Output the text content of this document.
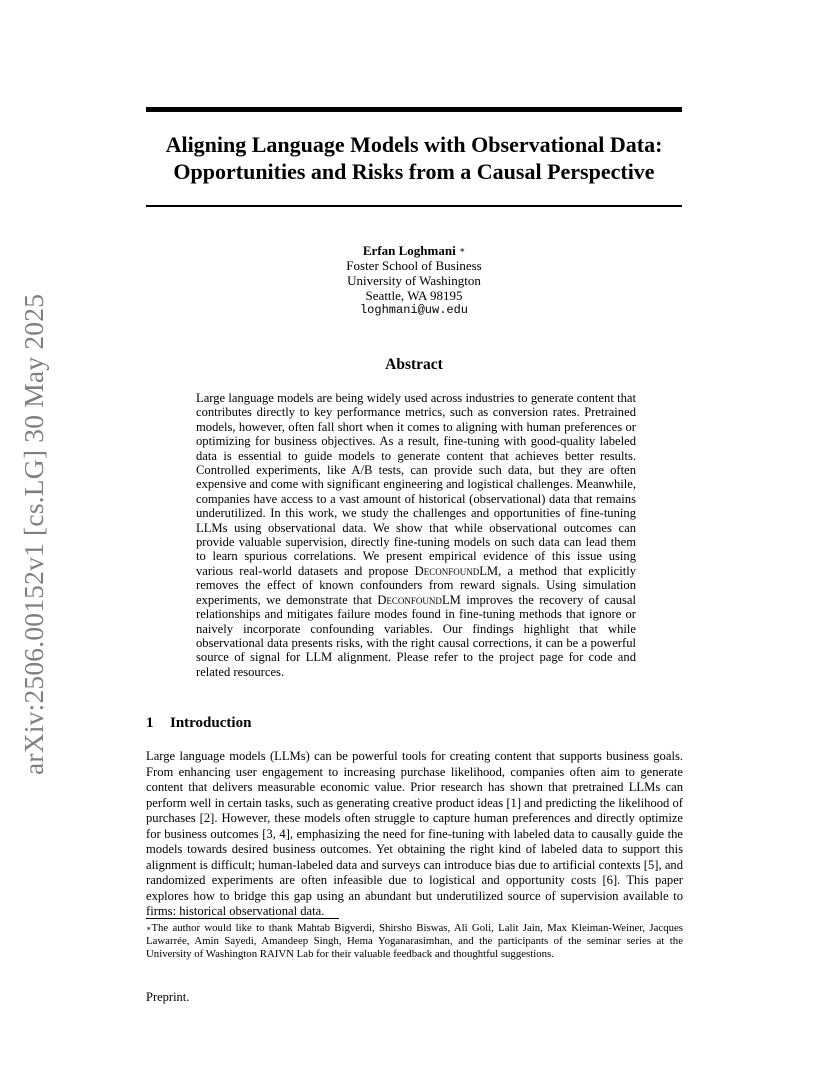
arXiv:2506.00152v1 [cs.LG] 30 May 2025
Aligning Language Models with Observational Data:
Opportunities and Risks from a Causal Perspective
Erfan Loghmani ∗
Foster School of Business
University of Washington
Seattle, WA 98195
loghmani@uw.edu
Abstract
Large language models are being widely used across industries to generate content that contributes directly to key performance metrics, such as conversion rates. Pretrained models, however, often fall short when it comes to aligning with human preferences or optimizing for business objectives. As a result, fine-tuning with good-quality labeled data is essential to guide models to generate content that achieves better results. Controlled experiments, like A/B tests, can provide such data, but they are often expensive and come with significant engineering and logistical challenges. Meanwhile, companies have access to a vast amount of historical (observational) data that remains underutilized. In this work, we study the challenges and opportunities of fine-tuning LLMs using observational data. We show that while observational outcomes can provide valuable supervision, directly fine-tuning models on such data can lead them to learn spurious correlations. We present empirical evidence of this issue using various real-world datasets and propose DeconfoundLM, a method that explicitly removes the effect of known confounders from reward signals. Using simulation experiments, we demonstrate that DeconfoundLM improves the recovery of causal relationships and mitigates failure modes found in fine-tuning methods that ignore or naively incorporate confounding variables. Our findings highlight that while observational data presents risks, with the right causal corrections, it can be a powerful source of signal for LLM alignment. Please refer to the project page for code and related resources.
1 Introduction
Large language models (LLMs) can be powerful tools for creating content that supports business goals. From enhancing user engagement to increasing purchase likelihood, companies often aim to generate content that delivers measurable economic value. Prior research has shown that pretrained LLMs can perform well in certain tasks, such as generating creative product ideas [1] and predicting the likelihood of purchases [2]. However, these models often struggle to capture human preferences and directly optimize for business outcomes [3, 4], emphasizing the need for fine-tuning with labeled data to causally guide the models towards desired business outcomes. Yet obtaining the right kind of labeled data to support this alignment is difficult; human-labeled data and surveys can introduce bias due to artificial contexts [5], and randomized experiments are often infeasible due to logistical and opportunity costs [6]. This paper explores how to bridge this gap using an abundant but underutilized source of supervision available to firms: historical observational data.
∗The author would like to thank Mahtab Bigverdi, Shirsho Biswas, Ali Goli, Lalit Jain, Max Kleiman-Weiner, Jacques Lawarrée, Amin Sayedi, Amandeep Singh, Hema Yoganarasimhan, and the participants of the seminar series at the University of Washington RAIVN Lab for their valuable feedback and thoughtful suggestions.
Preprint.
